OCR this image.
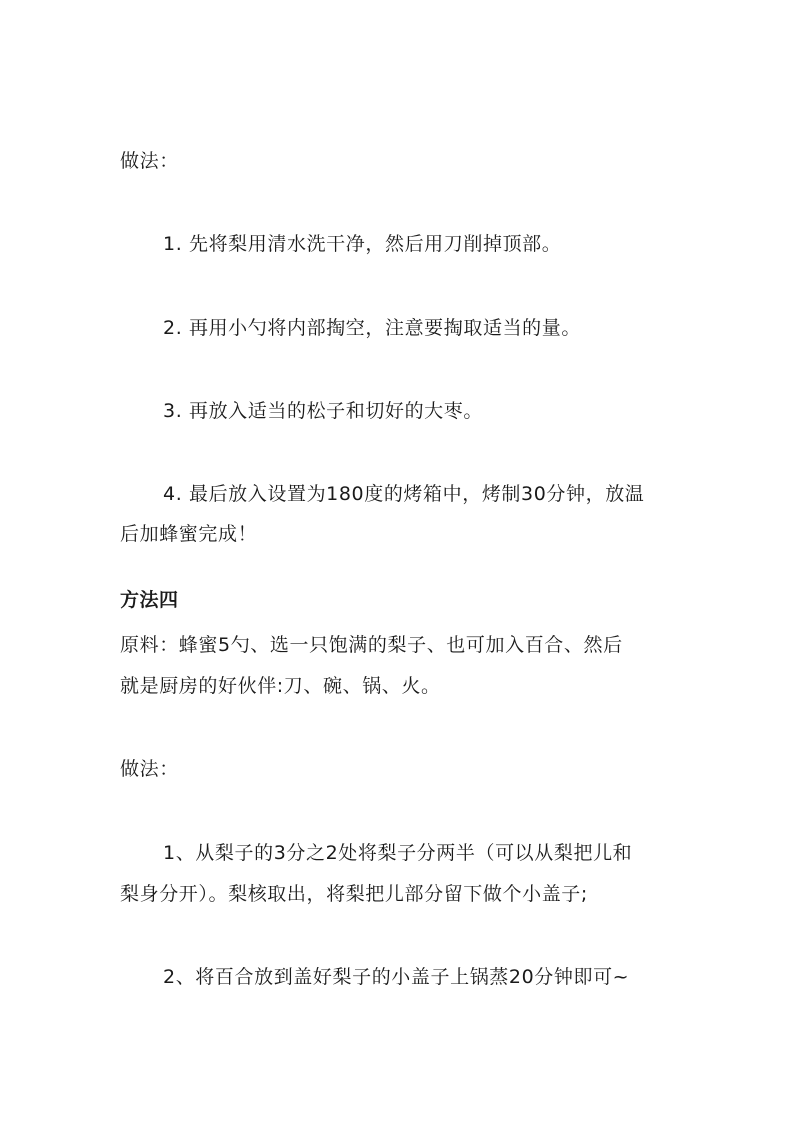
做法：
1. 先将梨用清水洗干净，然后用刀削掉顶部。
2. 再用小勺将内部掏空，注意要掏取适当的量。
3. 再放入适当的松子和切好的大枣。
4. 最后放入设置为180度的烤箱中，烤制30分钟，放温
后加蜂蜜完成！
方法四
原料：蜂蜜5勺、选一只饱满的梨子、也可加入百合、然后
就是厨房的好伙伴:刀、碗、锅、火。
做法：
1、从梨子的3分之2处将梨子分两半（可以从梨把儿和
梨身分开）。梨核取出，将梨把儿部分留下做个小盖子;
2、将百合放到盖好梨子的小盖子上锅蒸20分钟即可~
